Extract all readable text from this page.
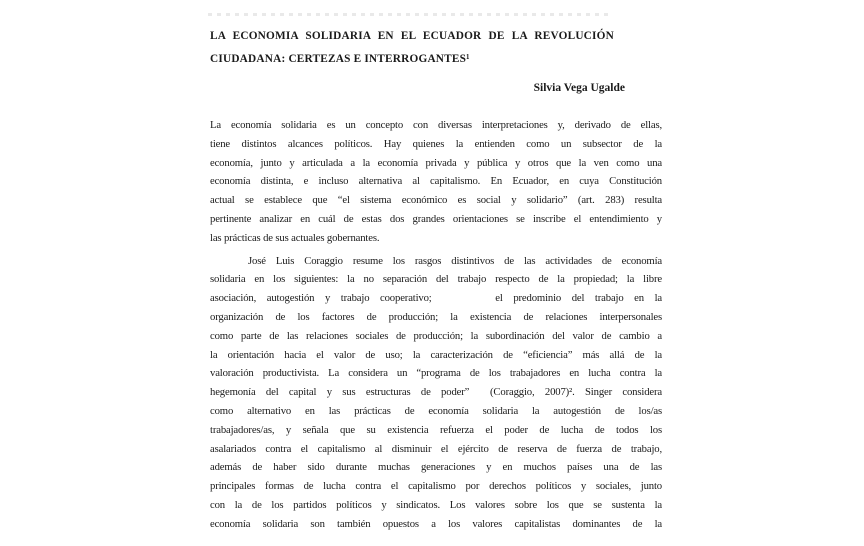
LA ECONOMIA SOLIDARIA EN EL ECUADOR DE LA REVOLUCIÓN
CIUDADANA: CERTEZAS E INTERROGANTES¹
Silvia Vega Ugalde
La economía solidaria es un concepto con diversas interpretaciones y, derivado de ellas,
tiene distintos alcances políticos. Hay quienes la entienden como un subsector de la
economía, junto y articulada a la economía privada y pública y otros que la ven como una
economía distinta, e incluso alternativa al capitalismo. En Ecuador, en cuya Constitución
actual se establece que “el sistema económico es social y solidario” (art. 283) resulta
pertinente analizar en cuál de estas dos grandes orientaciones se inscribe el entendimiento y
las prácticas de sus actuales gobernantes.
José Luis Coraggio resume los rasgos distintivos de las actividades de economía
solidaria en los siguientes: la no separación del trabajo respecto de la propiedad; la libre
asociación, autogestión y trabajo cooperativo;      el predominio del trabajo en la
organización de los factores de producción; la existencia de relaciones interpersonales
como parte de las relaciones sociales de producción; la subordinación del valor de cambio a
la orientación hacia el valor de uso; la caracterización de “eficiencia” más allá de la
valoración productivista. La considera un “programa de los trabajadores en lucha contra la
hegemonía del capital y sus estructuras de poder”  (Coraggio, 2007)². Singer considera
como alternativo en las prácticas de economía solidaria la autogestión de los/as
trabajadores/as, y señala que su existencia refuerza el poder de lucha de todos los
asalariados contra el capitalismo al disminuir el ejército de reserva de fuerza de trabajo,
además de haber sido durante muchas generaciones y en muchos países una de las
principales formas de lucha contra el capitalismo por derechos políticos y sociales, junto
con la de los partidos políticos y sindicatos. Los valores sobre los que se sustenta la
economía solidaria son también opuestos a los valores capitalistas dominantes de la
